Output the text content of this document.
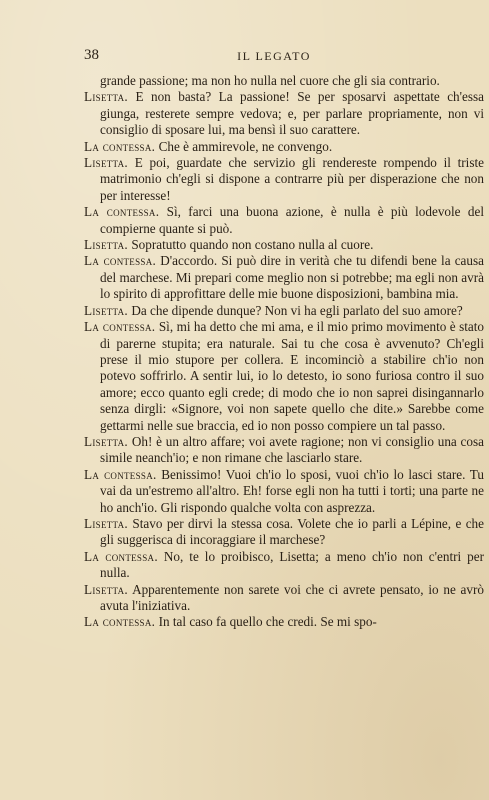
38	IL LEGATO

grande passione; ma non ho nulla nel cuore che gli sia contrario.

Lisetta. E non basta? La passione! Se per sposarvi aspettate ch'essa giunga, resterete sempre vedova; e, per parlare propriamente, non vi consiglio di sposare lui, ma bensì il suo carattere.

La contessa. Che è ammirevole, ne convengo.

Lisetta. E poi, guardate che servizio gli rendereste rompendo il triste matrimonio ch'egli si dispone a contrarre più per disperazione che non per interesse!

La contessa. Sì, farci una buona azione, è nulla è più lodevole del compierne quante si può.

Lisetta. Sopratutto quando non costano nulla al cuore.

La contessa. D'accordo. Si può dire in verità che tu difendi bene la causa del marchese. Mi prepari come meglio non si potrebbe; ma egli non avrà lo spirito di approfittare delle mie buone disposizioni, bambina mia.

Lisetta. Da che dipende dunque? Non vi ha egli parlato del suo amore?

La contessa. Sì, mi ha detto che mi ama, e il mio primo movimento è stato di parerne stupita; era naturale. Sai tu che cosa è avvenuto? Ch'egli prese il mio stupore per collera. E incominciò a stabilire ch'io non potevo soffrirlo. A sentir lui, io lo detesto, io sono furiosa contro il suo amore; ecco quanto egli crede; di modo che io non saprei disingannarlo senza dirgli: «Signore, voi non sapete quello che dite.» Sarebbe come gettarmi nelle sue braccia, ed io non posso compiere un tal passo.

Lisetta. Oh! è un altro affare; voi avete ragione; non vi consiglio una cosa simile neanch'io; e non rimane che lasciarlo stare.

La contessa. Benissimo! Vuoi ch'io lo sposi, vuoi ch'io lo lasci stare. Tu vai da un'estremo all'altro. Eh! forse egli non ha tutti i torti; una parte ne ho anch'io. Gli rispondo qualche volta con asprezza.

Lisetta. Stavo per dirvi la stessa cosa. Volete che io parli a Lépine, e che gli suggerisca di incoraggiare il marchese?

La contessa. No, te lo proibisco, Lisetta; a meno ch'io non c'entri per nulla.

Lisetta. Apparentemente non sarete voi che ci avrete pensato, io ne avrò avuta l'iniziativa.

La contessa. In tal caso fa quello che credi. Se mi spo-
